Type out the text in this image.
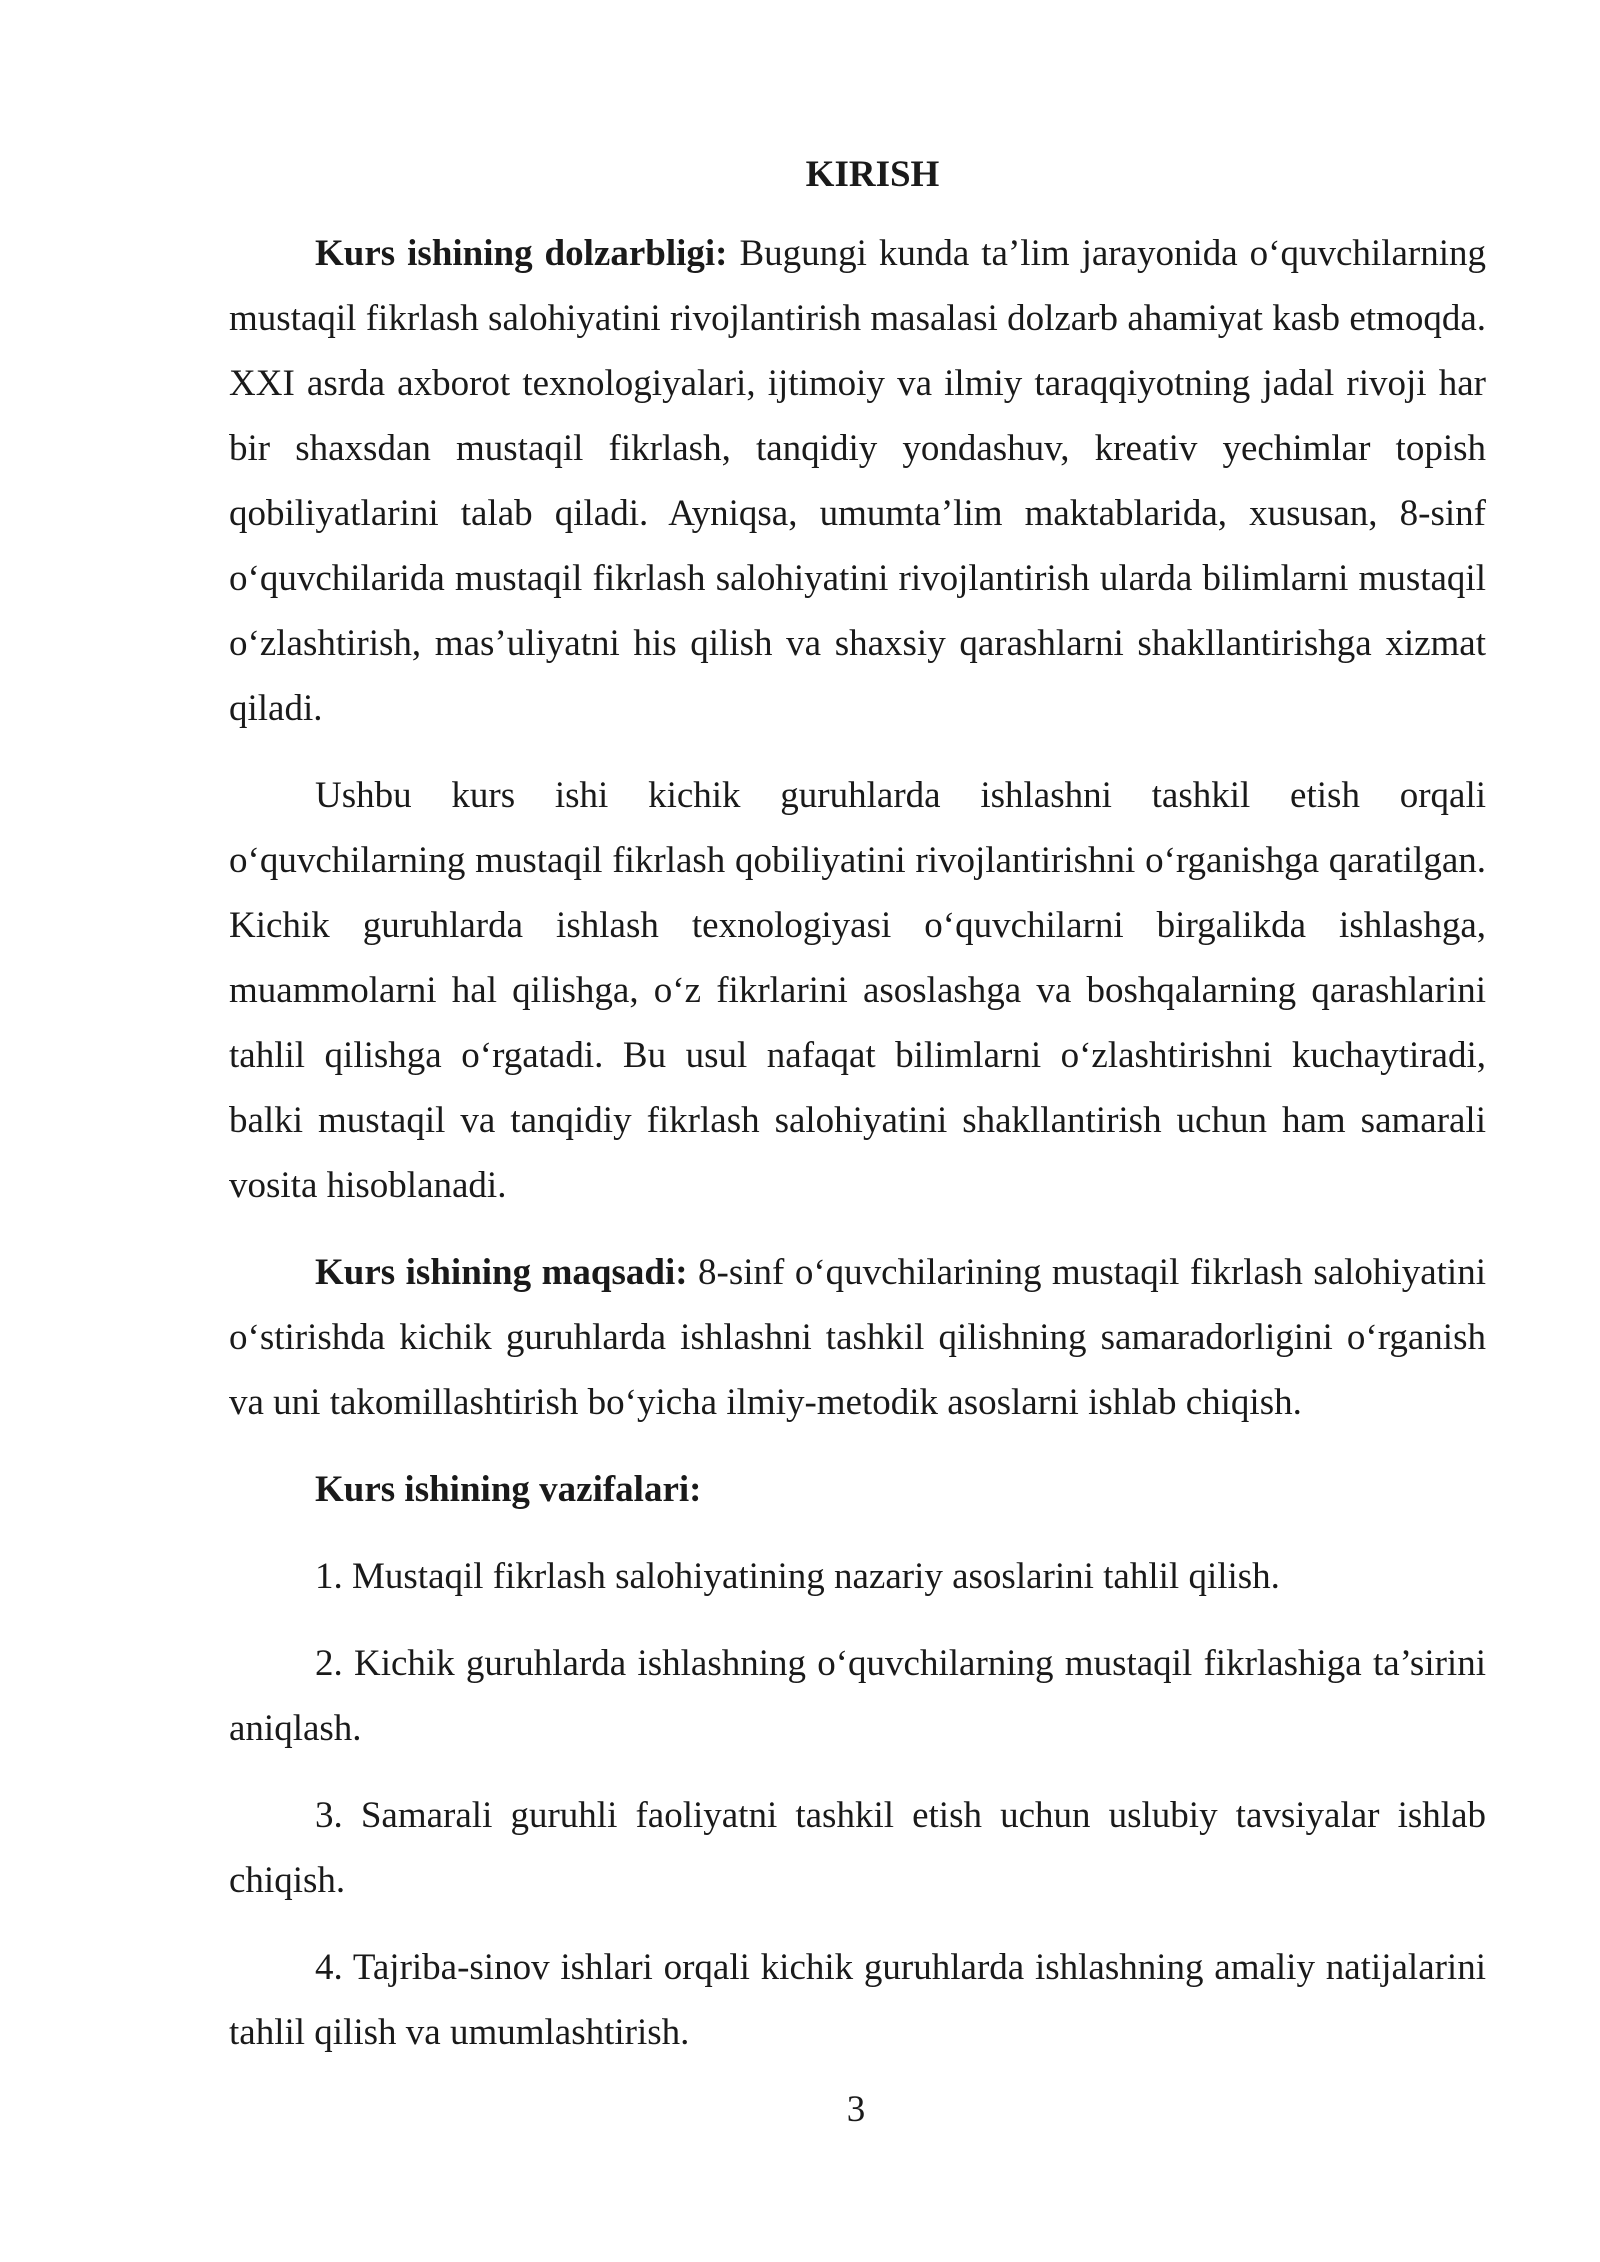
KIRISH

Kurs ishining dolzarbligi: Bugungi kunda ta’lim jarayonida o‘quvchilarning mustaqil fikrlash salohiyatini rivojlantirish masalasi dolzarb ahamiyat kasb etmoqda. XXI asrda axborot texnologiyalari, ijtimoiy va ilmiy taraqqiyotning jadal rivoji har bir shaxsdan mustaqil fikrlash, tanqidiy yondashuv, kreativ yechimlar topish qobiliyatlarini talab qiladi. Ayniqsa, umumta’lim maktablarida, xususan, 8-sinf o‘quvchilarida mustaqil fikrlash salohiyatini rivojlantirish ularda bilimlarni mustaqil o‘zlashtirish, mas’uliyatni his qilish va shaxsiy qarashlarni shakllantirishga xizmat qiladi.

Ushbu kurs ishi kichik guruhlarda ishlashni tashkil etish orqali o‘quvchilarning mustaqil fikrlash qobiliyatini rivojlantirishni o‘rganishga qaratilgan. Kichik guruhlarda ishlash texnologiyasi o‘quvchilarni birgalikda ishlashga, muammolarni hal qilishga, o‘z fikrlarini asoslashga va boshqalarning qarashlarini tahlil qilishga o‘rgatadi. Bu usul nafaqat bilimlarni o‘zlashtirishni kuchaytiradi, balki mustaqil va tanqidiy fikrlash salohiyatini shakllantirish uchun ham samarali vosita hisoblanadi.

Kurs ishining maqsadi: 8-sinf o‘quvchilarining mustaqil fikrlash salohiyatini o‘stirishda kichik guruhlarda ishlashni tashkil qilishning samaradorligini o‘rganish va uni takomillashtirish bo‘yicha ilmiy-metodik asoslarni ishlab chiqish.

Kurs ishining vazifalari:

1. Mustaqil fikrlash salohiyatining nazariy asoslarini tahlil qilish.

2. Kichik guruhlarda ishlashning o‘quvchilarning mustaqil fikrlashiga ta’sirini aniqlash.

3. Samarali guruhli faoliyatni tashkil etish uchun uslubiy tavsiyalar ishlab chiqish.

4. Tajriba-sinov ishlari orqali kichik guruhlarda ishlashning amaliy natijalarini tahlil qilish va umumlashtirish.

3
